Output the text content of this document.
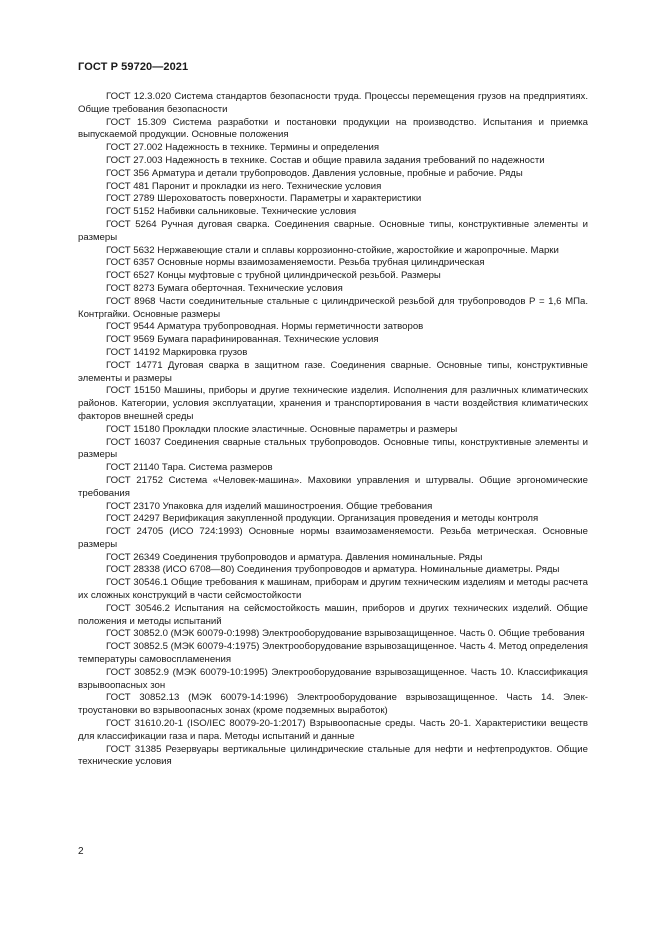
ГОСТ Р 59720—2021

ГОСТ 12.3.020 Система стандартов безопасности труда. Процессы перемещения грузов на предприятиях. Общие требования безопасности

ГОСТ 15.309 Система разработки и постановки продукции на производство. Испытания и приемка выпускаемой продукции. Основные положения

ГОСТ 27.002 Надежность в технике. Термины и определения

ГОСТ 27.003 Надежность в технике. Состав и общие правила задания требований по надежности

ГОСТ 356 Арматура и детали трубопроводов. Давления условные, пробные и рабочие. Ряды

ГОСТ 481 Паронит и прокладки из него. Технические условия

ГОСТ 2789 Шероховатость поверхности. Параметры и характеристики

ГОСТ 5152 Набивки сальниковые. Технические условия

ГОСТ 5264 Ручная дуговая сварка. Соединения сварные. Основные типы, конструктивные элементы и размеры

ГОСТ 5632 Нержавеющие стали и сплавы коррозионно-стойкие, жаростойкие и жаропрочные. Марки

ГОСТ 6357 Основные нормы взаимозаменяемости. Резьба трубная цилиндрическая

ГОСТ 6527 Концы муфтовые с трубной цилиндрической резьбой. Размеры

ГОСТ 8273 Бумага оберточная. Технические условия

ГОСТ 8968 Части соединительные стальные с цилиндрической резьбой для трубопроводов Р = 1,6 МПа. Контргайки. Основные размеры

ГОСТ 9544 Арматура трубопроводная. Нормы герметичности затворов

ГОСТ 9569 Бумага парафинированная. Технические условия

ГОСТ 14192 Маркировка грузов

ГОСТ 14771 Дуговая сварка в защитном газе. Соединения сварные. Основные типы, конструктивные элементы и размеры

ГОСТ 15150 Машины, приборы и другие технические изделия. Исполнения для различных климатических районов. Категории, условия эксплуатации, хранения и транспортирования в части воздействия климатических факторов внешней среды

ГОСТ 15180 Прокладки плоские эластичные. Основные параметры и размеры

ГОСТ 16037 Соединения сварные стальных трубопроводов. Основные типы, конструктивные элементы и размеры

ГОСТ 21140 Тара. Система размеров

ГОСТ 21752 Система «Человек-машина». Маховики управления и штурвалы. Общие эргономические требования

ГОСТ 23170 Упаковка для изделий машиностроения. Общие требования

ГОСТ 24297 Верификация закупленной продукции. Организация проведения и методы контроля

ГОСТ 24705 (ИСО 724:1993) Основные нормы взаимозаменяемости. Резьба метрическая. Основные размеры

ГОСТ 26349 Соединения трубопроводов и арматура. Давления номинальные. Ряды

ГОСТ 28338 (ИСО 6708—80) Соединения трубопроводов и арматура. Номинальные диаметры. Ряды

ГОСТ 30546.1 Общие требования к машинам, приборам и другим техническим изделиям и методы расчета их сложных конструкций в части сейсмостойкости

ГОСТ 30546.2 Испытания на сейсмостойкость машин, приборов и других технических изделий. Общие положения и методы испытаний

ГОСТ 30852.0 (МЭК 60079-0:1998) Электрооборудование взрывозащищенное. Часть 0. Общие требования

ГОСТ 30852.5 (МЭК 60079-4:1975) Электрооборудование взрывозащищенное. Часть 4. Метод определения температуры самовоспламенения

ГОСТ 30852.9 (МЭК 60079-10:1995) Электрооборудование взрывозащищенное. Часть 10. Классификация взрывоопасных зон

ГОСТ 30852.13 (МЭК 60079-14:1996) Электрооборудование взрывозащищенное. Часть 14. Электроустановки во взрывоопасных зонах (кроме подземных выработок)

ГОСТ 31610.20-1 (ISO/IEC 80079-20-1:2017) Взрывоопасные среды. Часть 20-1. Характеристики веществ для классификации газа и пара. Методы испытаний и данные

ГОСТ 31385 Резервуары вертикальные цилиндрические стальные для нефти и нефтепродуктов. Общие технические условия

2
